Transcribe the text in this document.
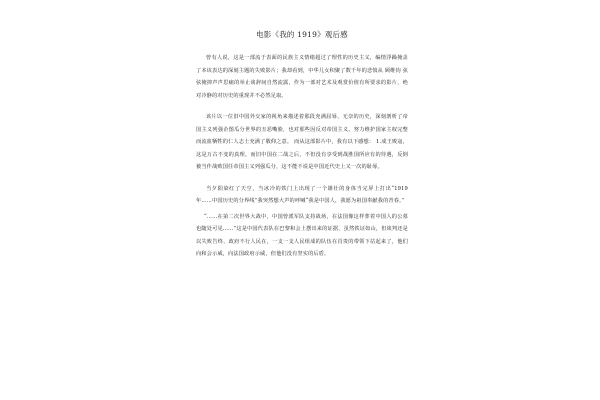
电影《我的 1919》观后感

曾有人说，这是一部流于表面的民族主义情绪超过了理性的历史主义，编情浮躁掩盖了本该表达的深刻主题的失败影片；我却看到，中华儿女积聚了数千年的悲愤从 顾维钧 弦弦掩抑声声思痛的举止谈辞间自然流露，作为一部对艺术及观赏价值有所要求的影片，绝对冷静的对历史的重现并不必然足取。

该片以一位旧中国外交家的视角来描述着那段充满屈辱、无奈的历史，深刻剖析了帝国主义列强企图瓜分世界的丑恶嘴脸，也对那些因反对帝国主义、努力维护国家主权完整而流血牺牲的仁人志士充满了敬仰之意。 而从这部影片中，我有以下感想： 1.成王败寇，这是万古不变的真理。而旧中国在二战之后，不但没有享受到战胜国所应有的待遇，反倒被当作战败国任帝国主义列强瓜分，这不能不说是中国近代史上又一次的耻辱。

当夕阳染红了天空，当冰冷的铁门上出现了一个雄壮的身体当完屏上打出“1919 年……中国历史的分界线”我突然想大声的呼喊“我是中国人，我愿为祖国奉献我的青春。”

“……在第二次世界大战中，中国曾派军队支持战场，在法国像这样葬着中国人的公墓也随处可见……”这是中国代表队在巴黎和会上摆出来的证据，虽然铁证如山，但谈判还是以失败告终，政府不行人民在，一支一支人民组成的队伍在肖贵的带领下站起来了，他们向和会示威，向法国政府示威，但他们没有坚实的后盾，
